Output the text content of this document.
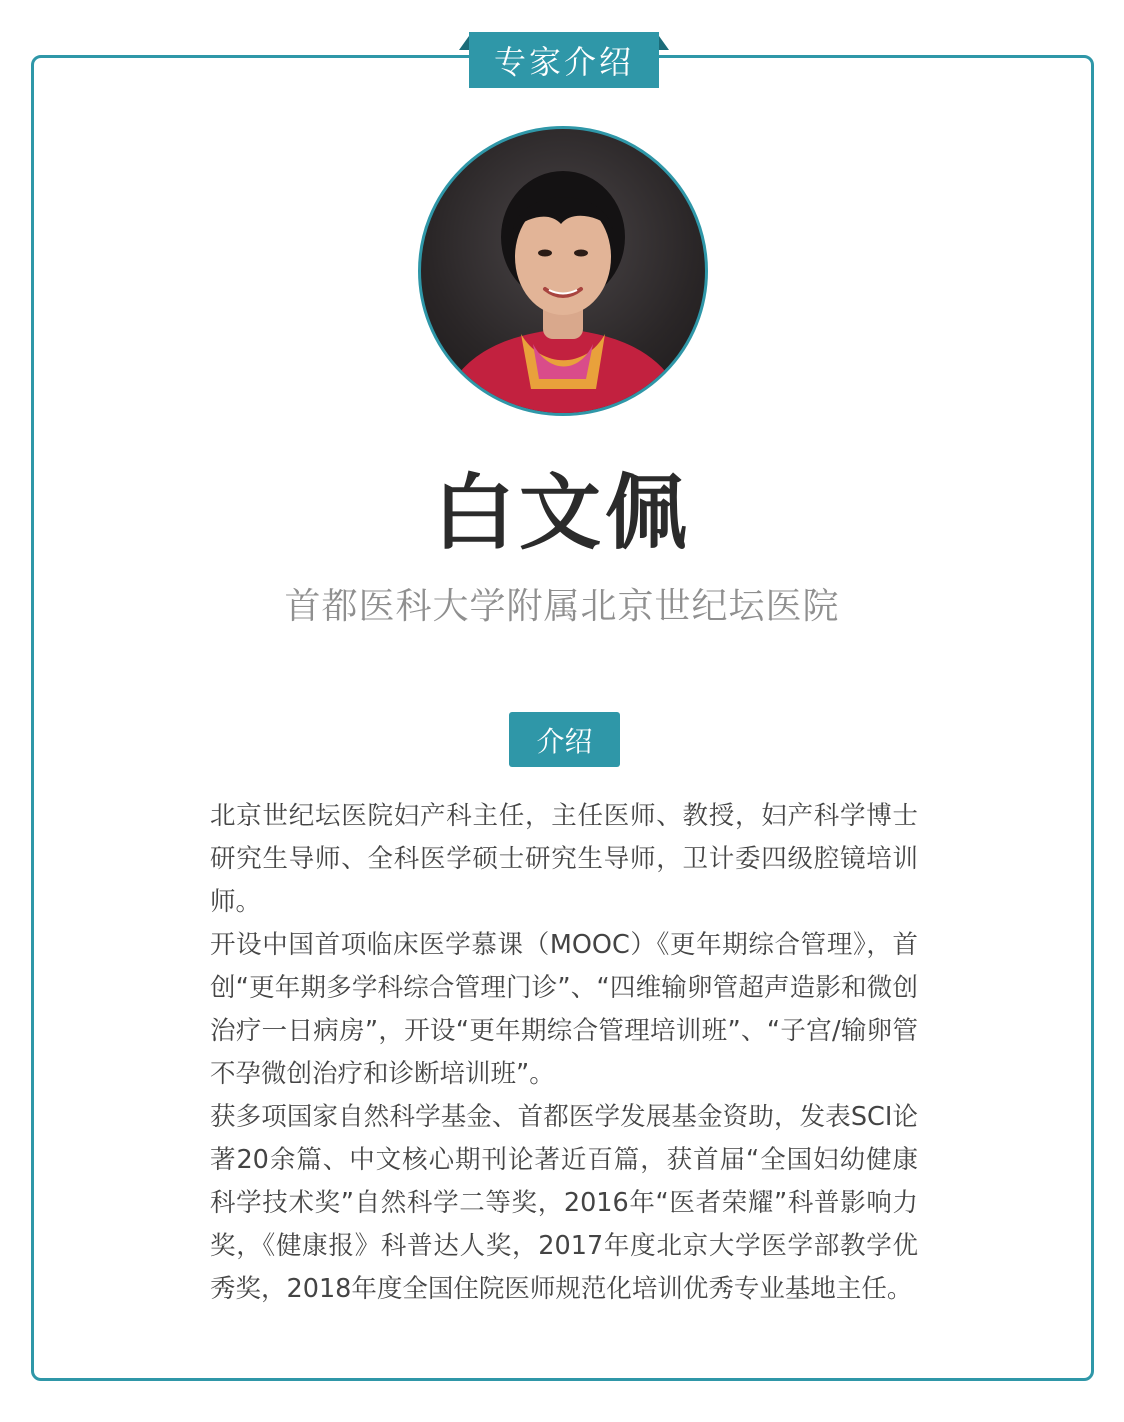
专家介绍
白文佩
首都医科大学附属北京世纪坛医院
介绍

北京世纪坛医院妇产科主任，主任医师、教授，妇产科学博士研究生导师、全科医学硕士研究生导师，卫计委四级腔镜培训师。

开设中国首项临床医学慕课（MOOC）《更年期综合管理》，首创“更年期多学科综合管理门诊”、“四维输卵管超声造影和微创治疗一日病房”，开设“更年期综合管理培训班”、“子宫/输卵管不孕微创治疗和诊断培训班”。

获多项国家自然科学基金、首都医学发展基金资助，发表SCI论著20余篇、中文核心期刊论著近百篇，获首届“全国妇幼健康科学技术奖”自然科学二等奖，2016年“医者荣耀”科普影响力奖，《健康报》科普达人奖，2017年度北京大学医学部教学优秀奖，2018年度全国住院医师规范化培训优秀专业基地主任。
